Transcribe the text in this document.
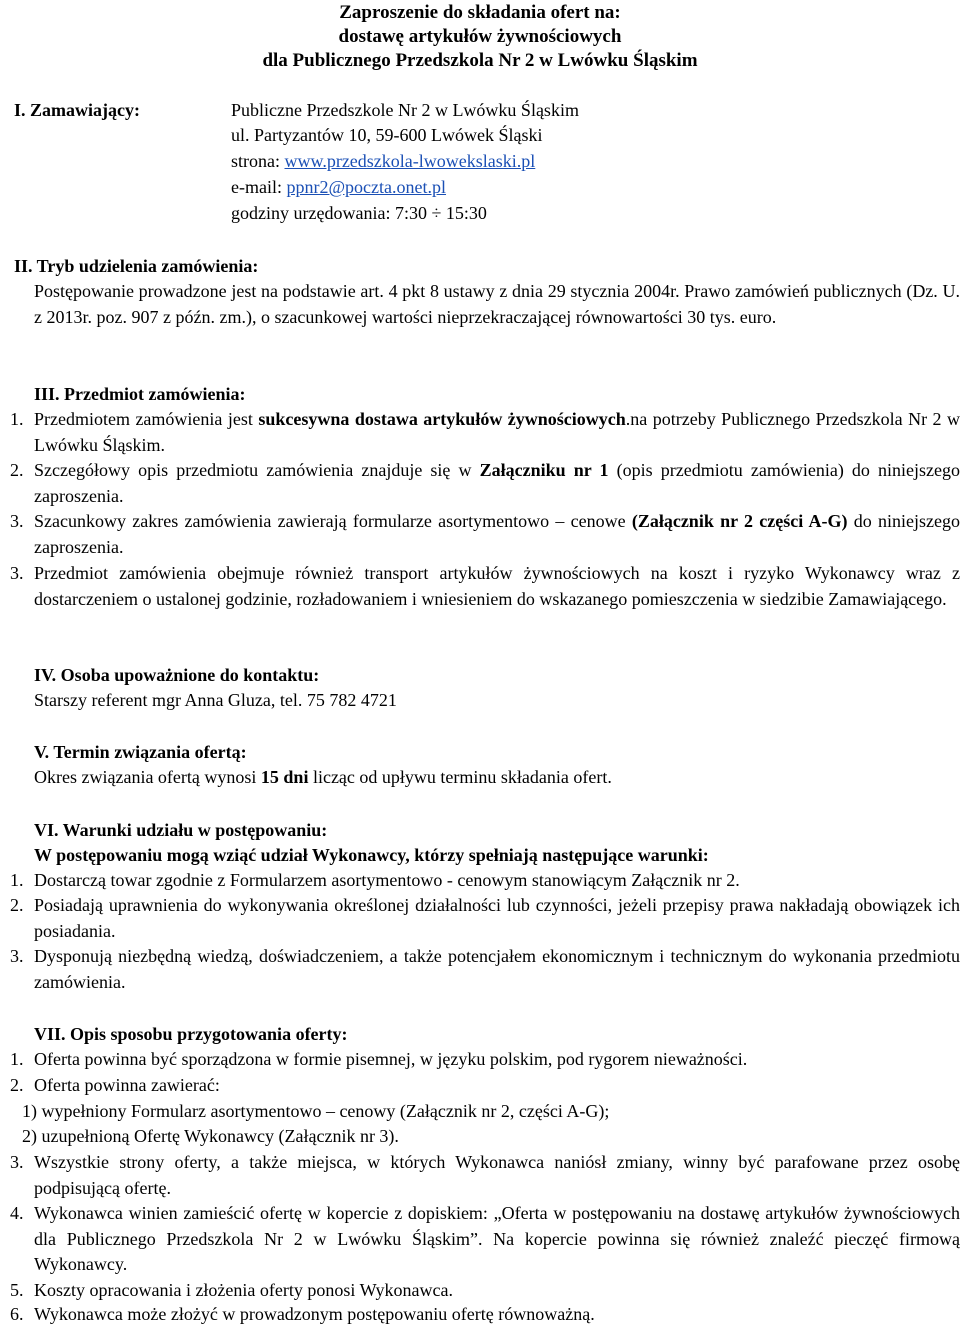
Zaproszenie do składania ofert na:
dostawę artykułów żywnościowych
dla Publicznego Przedszkola Nr 2 w Lwówku Śląskim
I. Zamawiający:	Publiczne Przedszkole Nr 2 w Lwówku Śląskim
ul. Partyzantów 10, 59-600 Lwówek Śląski
strona: www.przedszkola-lwowekslaski.pl
e-mail: ppnr2@poczta.onet.pl
godziny urzędowania: 7:30 ÷ 15:30
II. Tryb udzielenia zamówienia:
Postępowanie prowadzone jest na podstawie art. 4 pkt 8 ustawy z dnia 29 stycznia 2004r. Prawo zamówień publicznych (Dz. U. z 2013r. poz. 907 z późn. zm.), o szacunkowej wartości nieprzekraczającej równowartości 30 tys. euro.
III. Przedmiot zamówienia:
1. Przedmiotem zamówienia jest sukcesywna dostawa artykułów żywnościowych.na potrzeby Publicznego Przedszkola Nr 2 w Lwówku Śląskim.
2. Szczegółowy opis przedmiotu zamówienia znajduje się w Załączniku nr 1 (opis przedmiotu zamówienia) do niniejszego zaproszenia.
3. Szacunkowy zakres zamówienia zawierają formularze asortymentowo – cenowe (Załącznik nr 2 części A-G) do niniejszego zaproszenia.
3. Przedmiot zamówienia obejmuje również transport artykułów żywnościowych na koszt i ryzyko Wykonawcy wraz z dostarczeniem o ustalonej godzinie, rozładowaniem i wniesieniem do wskazanego pomieszczenia w siedzibie Zamawiającego.
IV. Osoba upoważnione do kontaktu:
Starszy referent mgr Anna Gluza, tel. 75 782 4721
V. Termin związania ofertą:
Okres związania ofertą wynosi 15 dni licząc od upływu terminu składania ofert.
VI. Warunki udziału w postępowaniu:
W postępowaniu mogą wziąć udział Wykonawcy, którzy spełniają następujące warunki:
1. Dostarczą towar zgodnie z Formularzem asortymentowo - cenowym stanowiącym Załącznik nr 2.
2. Posiadają uprawnienia do wykonywania określonej działalności lub czynności, jeżeli przepisy prawa nakładają obowiązek ich posiadania.
3. Dysponują niezbędną wiedzą, doświadczeniem, a także potencjałem ekonomicznym i technicznym do wykonania przedmiotu zamówienia.
VII. Opis sposobu przygotowania oferty:
1. Oferta powinna być sporządzona w formie pisemnej, w języku polskim, pod rygorem nieważności.
2. Oferta powinna zawierać:
1) wypełniony Formularz asortymentowo – cenowy (Załącznik nr 2, części A-G);
2) uzupełnioną Ofertę Wykonawcy (Załącznik nr 3).
3. Wszystkie strony oferty, a także miejsca, w których Wykonawca naniósł zmiany, winny być parafowane przez osobę podpisującą ofertę.
4. Wykonawca winien zamieścić ofertę w kopercie z dopiskiem: „Oferta w postępowaniu na dostawę artykułów żywnościowych dla Publicznego Przedszkola Nr 2 w Lwówku Śląskim”. Na kopercie powinna się również znaleźć pieczęć firmową Wykonawcy.
5. Koszty opracowania i złożenia oferty ponosi Wykonawca.
6. Wykonawca może złożyć w prowadzonym postępowaniu ofertę równoważną.
